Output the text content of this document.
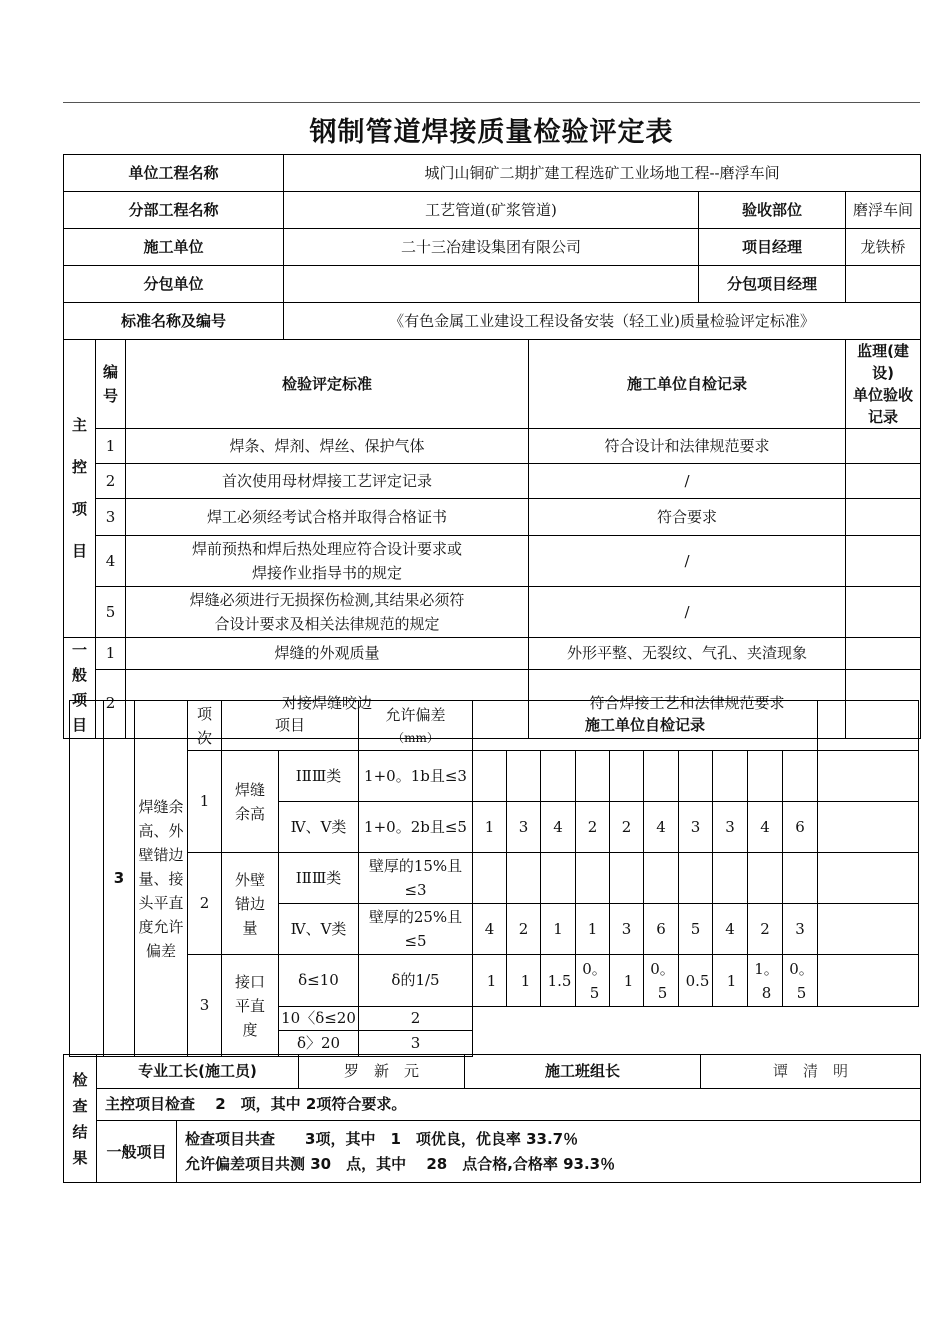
钢制管道焊接质量检验评定表
单位工程名称			城门山铜矿二期扩建工程选矿工业场地工程--磨浮车间			
分部工程名称			工艺管道(矿浆管道)		验收部位	磨浮车间
施工单位			二十三冶建设集团有限公司		项目经理	龙铁桥
分包单位					分包项目经理	
标准名称及编号			《有色金属工业建设工程设备安装（轻工业)质量检验评定标准》			
主

控

项

目	编号	检验评定标准		施工单位自检记录		监理(建设)
单位验收记录
	1	焊条、焊剂、焊丝、保护气体		符合设计和法律规范要求		
	2	首次使用母材焊接工艺评定记录		/		
	3	焊工必须经考试合格并取得合格证书		符合要求		
	4	焊前预热和焊后热处理应符合设计要求或
焊接作业指导书的规定		/		
	5	焊缝必须进行无损探伤检测,其结果必须符
合设计要求及相关法律规范的规定		/		
一
般
项
目	1	焊缝的外观质量		外形平整、无裂纹、气孔、夹渣现象		
	2	对接焊缝咬边		符合焊接工艺和法律规范要求		
	3	焊缝余高、外壁错边量、接头平直度允许偏差	项次	项目		允许偏差
（mm）	施工单位自检记录										
			1	焊缝余高	ⅠⅡⅢ类	1+0。1b且≤3											

					Ⅳ、Ⅴ类	1+0。2b且≤5	1	3	4	2	2	4	3	3	4	6	
			2	外壁错边量	ⅠⅡⅢ类	壁厚的15%且≤3											

					Ⅳ、Ⅴ类	壁厚的25%且≤5	4	2	1	1	3	6	5	4	2	3	
			3	接口平直度	δ≤10	δ的1/5	1	1	1.5	0。5	1	0。5	0.5	1	1。8	0。5	

					10〈δ≤20	2											
					δ〉20	3											
检
查
结
果	专业工长(施工员)		罗　新　元	施工班组长	谭　清　明
	主控项目检查　 2　项，其中 2项符合要求。				

	一般项目	检查项目共查　　3项，其中　1　项优良，优良率 33.7％
允许偏差项目共测 30　点，其中　 28　点合格,合格率 93.3％			
